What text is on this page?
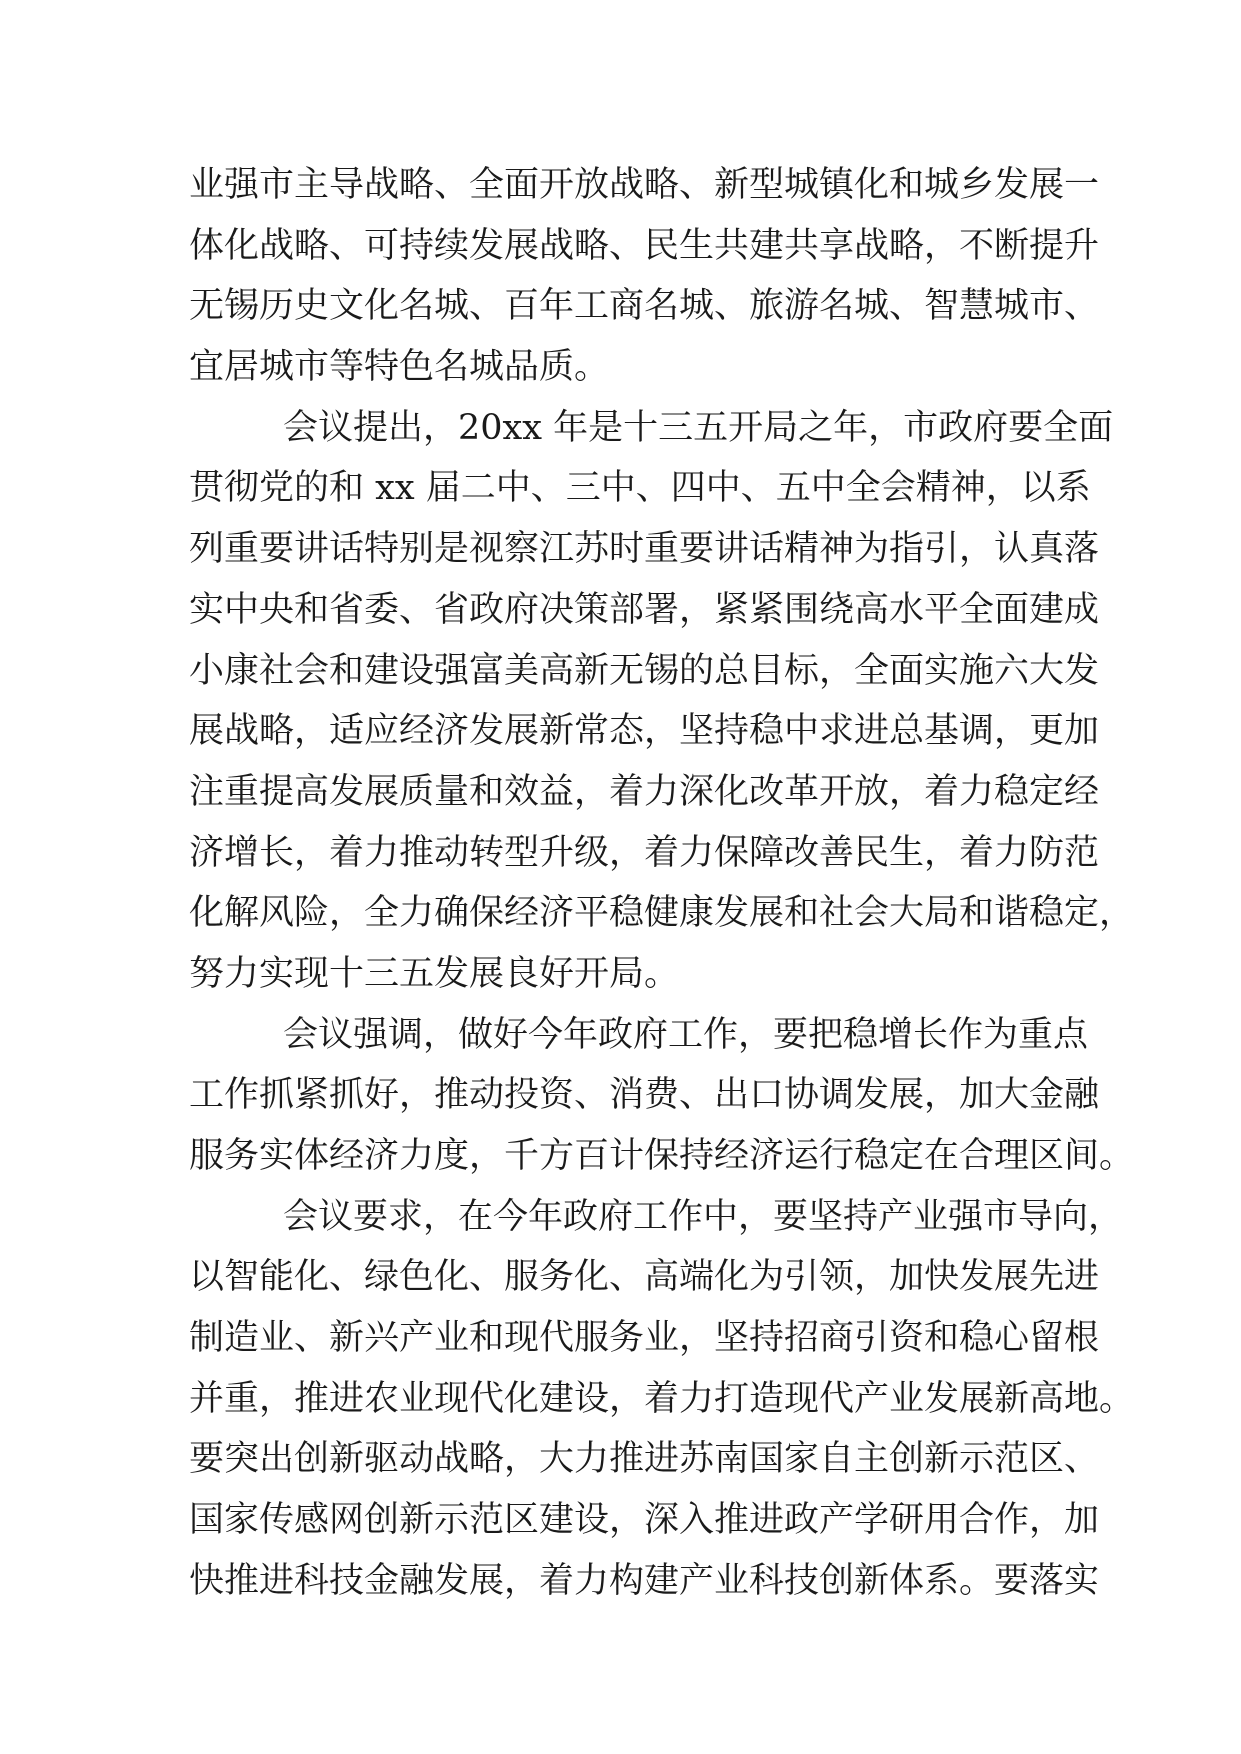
业强市主导战略、全面开放战略、新型城镇化和城乡发展一
体化战略、可持续发展战略、民生共建共享战略，不断提升
无锡历史文化名城、百年工商名城、旅游名城、智慧城市、
宜居城市等特色名城品质。
会议提出，20xx 年是十三五开局之年，市政府要全面
贯彻党的和 xx 届二中、三中、四中、五中全会精神，以系
列重要讲话特别是视察江苏时重要讲话精神为指引，认真落
实中央和省委、省政府决策部署，紧紧围绕高水平全面建成
小康社会和建设强富美高新无锡的总目标，全面实施六大发
展战略，适应经济发展新常态，坚持稳中求进总基调，更加
注重提高发展质量和效益，着力深化改革开放，着力稳定经
济增长，着力推动转型升级，着力保障改善民生，着力防范
化解风险，全力确保经济平稳健康发展和社会大局和谐稳定，
努力实现十三五发展良好开局。
会议强调，做好今年政府工作，要把稳增长作为重点
工作抓紧抓好，推动投资、消费、出口协调发展，加大金融
服务实体经济力度，千方百计保持经济运行稳定在合理区间。
会议要求，在今年政府工作中，要坚持产业强市导向，
以智能化、绿色化、服务化、高端化为引领，加快发展先进
制造业、新兴产业和现代服务业，坚持招商引资和稳心留根
并重，推进农业现代化建设，着力打造现代产业发展新高地。
要突出创新驱动战略，大力推进苏南国家自主创新示范区、
国家传感网创新示范区建设，深入推进政产学研用合作，加
快推进科技金融发展，着力构建产业科技创新体系。要落实
